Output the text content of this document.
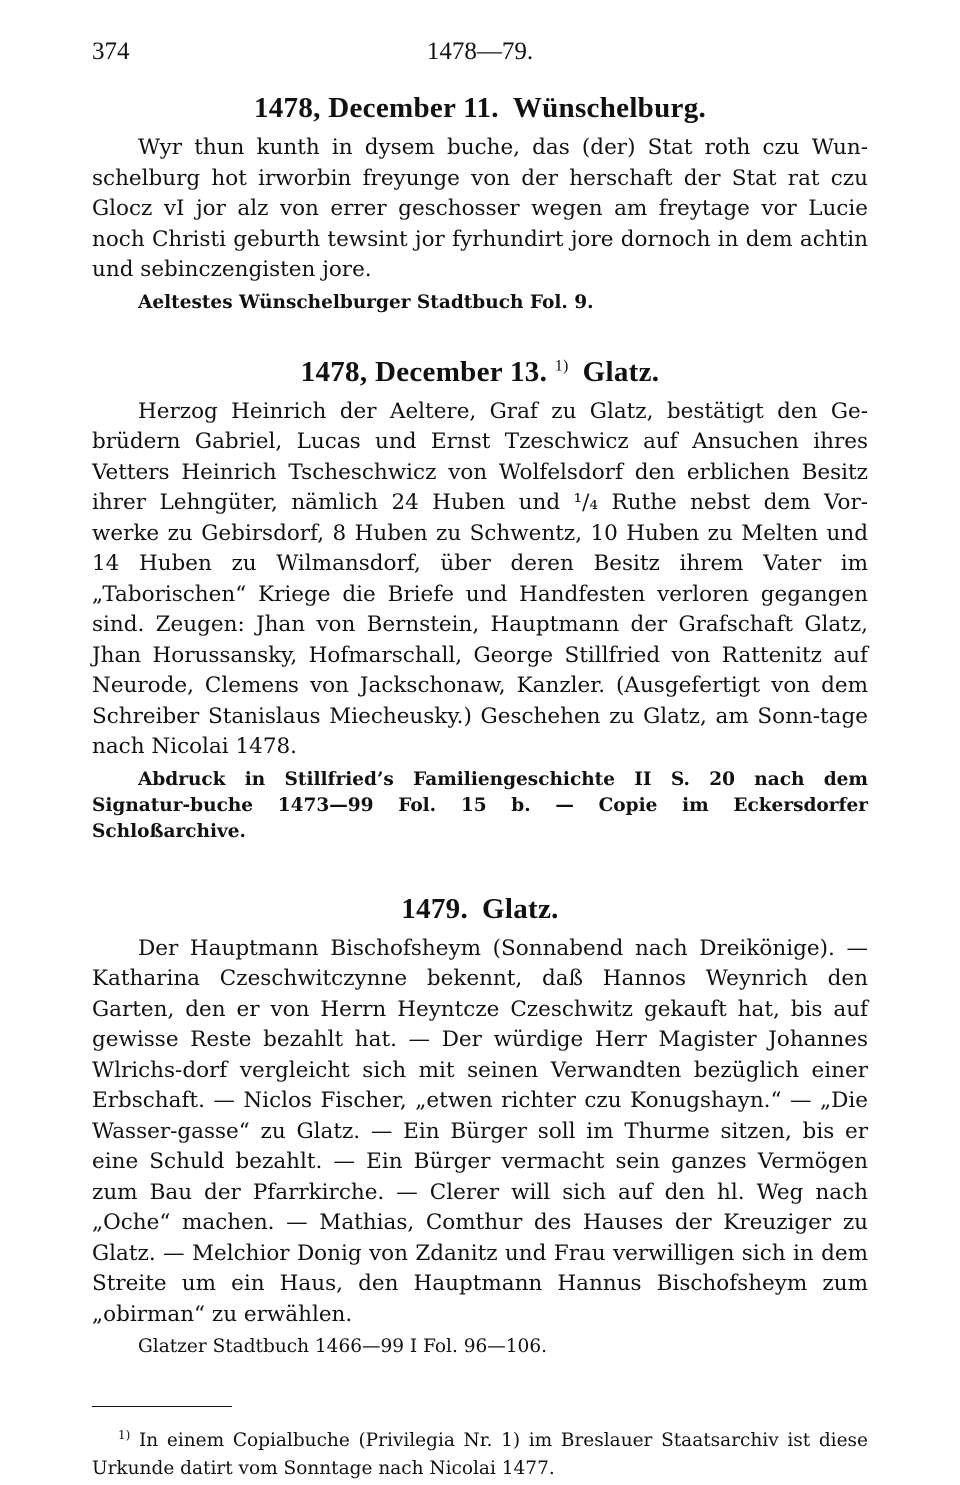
374	1478—79.
1478, December 11. Wünschelburg.

Wyr thun kunth in dysem buche, das (der) Stat roth czu Wun-schelburg hot irworbin freyunge von der herschaft der Stat rat czu Glocz vI jor alz von errer geschosser wegen am freytage vor Lucie noch Christi geburth tewsint jor fyrhundirt jore dornoch in dem achtin und sebinczengisten jore.

Aeltestes Wünschelburger Stadtbuch Fol. 9.

1478, December 13. $^{1)}$ Glatz.

Herzog Heinrich der Aeltere, Graf zu Glatz, bestätigt den Ge-brüdern Gabriel, Lucas und Ernst Tzeschwicz auf Ansuchen ihres Vetters Heinrich Tscheschwicz von Wolfelsdorf den erblichen Besitz ihrer Lehngüter, nämlich 24 Huben und ¹/₄ Ruthe nebst dem Vor-werke zu Gebirsdorf, 8 Huben zu Schwentz, 10 Huben zu Melten und 14 Huben zu Wilmansdorf, über deren Besitz ihrem Vater im „Taborischen“ Kriege die Briefe und Handfesten verloren gegangen sind. Zeugen: Jhan von Bernstein, Hauptmann der Grafschaft Glatz, Jhan Horussansky, Hofmarschall, George Stillfried von Rattenitz auf Neurode, Clemens von Jackschonaw, Kanzler. (Ausgefertigt von dem Schreiber Stanislaus Miecheusky.) Geschehen zu Glatz, am Sonn-tage nach Nicolai 1478.

Abdruck in Stillfried’s Familiengeschichte II S. 20 nach dem Signatur-buche 1473—99 Fol. 15 b. — Copie im Eckersdorfer Schloßarchive.

1479. Glatz.

Der Hauptmann Bischofsheym (Sonnabend nach Dreikönige). — Katharina Czeschwitczynne bekennt, daß Hannos Weynrich den Garten, den er von Herrn Heyntcze Czeschwitz gekauft hat, bis auf gewisse Reste bezahlt hat. — Der würdige Herr Magister Johannes Wlrichs-dorf vergleicht sich mit seinen Verwandten bezüglich einer Erbschaft. — Niclos Fischer, „etwen richter czu Konugshayn.“ — „Die Wasser-gasse“ zu Glatz. — Ein Bürger soll im Thurme sitzen, bis er eine Schuld bezahlt. — Ein Bürger vermacht sein ganzes Vermögen zum Bau der Pfarrkirche. — Clerer will sich auf den hl. Weg nach „Oche“ machen. — Mathias, Comthur des Hauses der Kreuziger zu Glatz. — Melchior Donig von Zdanitz und Frau verwilligen sich in dem Streite um ein Haus, den Hauptmann Hannus Bischofsheym zum „obirman“ zu erwählen.

Glatzer Stadtbuch 1466—99 I Fol. 96—106.

$^{1)}$ In einem Copialbuche (Privilegia Nr. 1) im Breslauer Staatsarchiv ist diese Urkunde datirt vom Sonntage nach Nicolai 1477.
